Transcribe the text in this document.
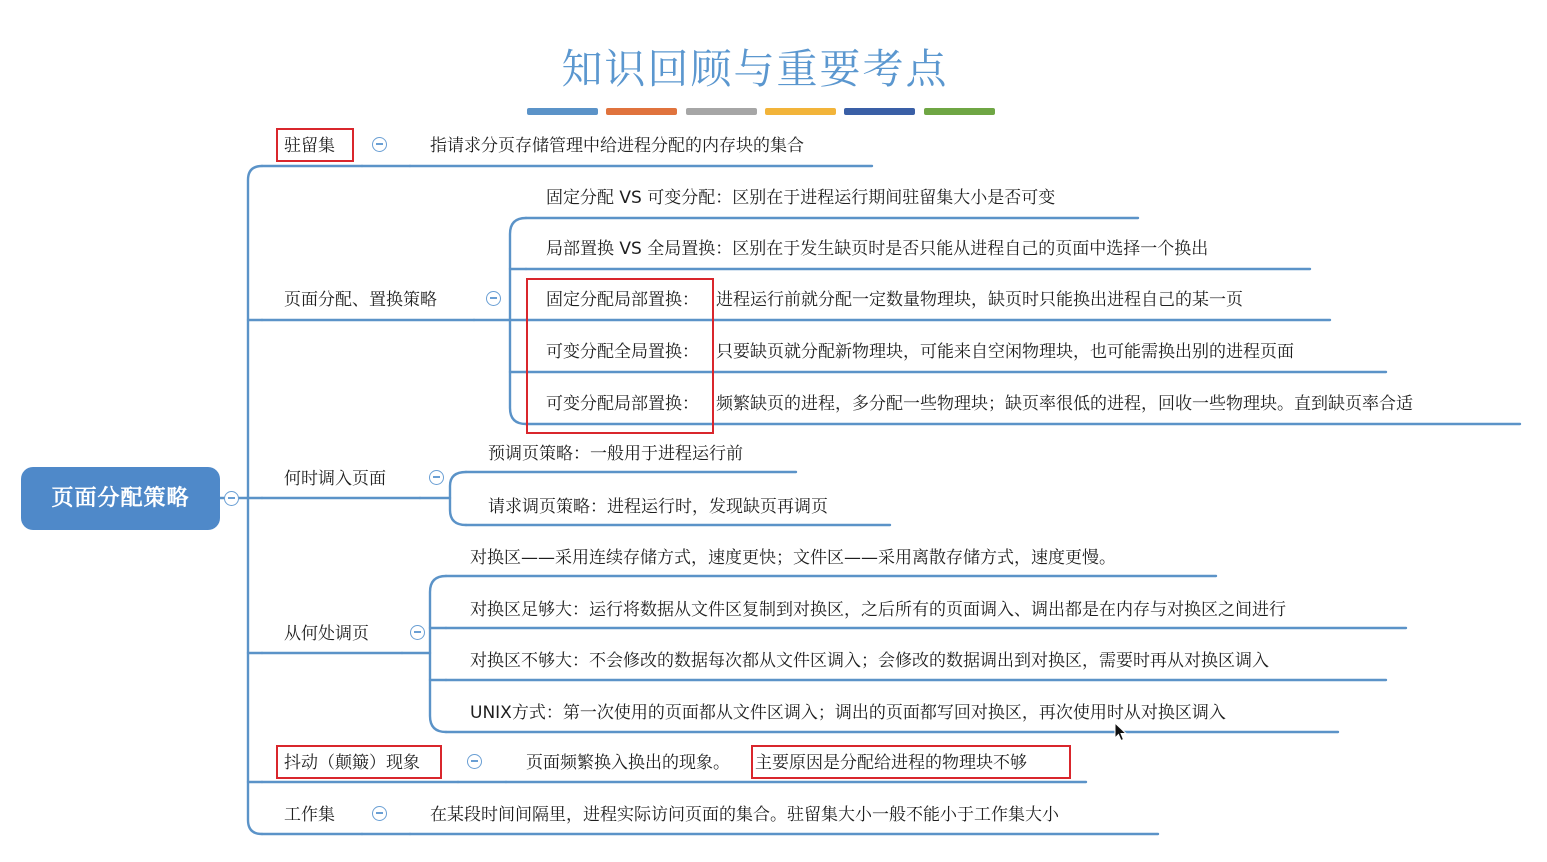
知识回顾与重要考点
页面分配策略
驻留集	指请求分页存储管理中给进程分配的内存块的集合
页面分配、置换策略
固定分配 VS 可变分配：区别在于进程运行期间驻留集大小是否可变
局部置换 VS 全局置换：区别在于发生缺页时是否只能从进程自己的页面中选择一个换出
固定分配局部置换： 进程运行前就分配一定数量物理块，缺页时只能换出进程自己的某一页
可变分配全局置换： 只要缺页就分配新物理块，可能来自空闲物理块，也可能需换出别的进程页面
可变分配局部置换： 频繁缺页的进程，多分配一些物理块；缺页率很低的进程，回收一些物理块。直到缺页率合适
何时调入页面
预调页策略：一般用于进程运行前
请求调页策略：进程运行时，发现缺页再调页
从何处调页
对换区——采用连续存储方式，速度更快；文件区——采用离散存储方式，速度更慢。
对换区足够大：运行将数据从文件区复制到对换区，之后所有的页面调入、调出都是在内存与对换区之间进行
对换区不够大：不会修改的数据每次都从文件区调入；会修改的数据调出到对换区，需要时再从对换区调入
UNIX方式：第一次使用的页面都从文件区调入；调出的页面都写回对换区，再次使用时从对换区调入
抖动（颠簸）现象	页面频繁换入换出的现象。 主要原因是分配给进程的物理块不够
工作集	在某段时间间隔里，进程实际访问页面的集合。驻留集大小一般不能小于工作集大小
